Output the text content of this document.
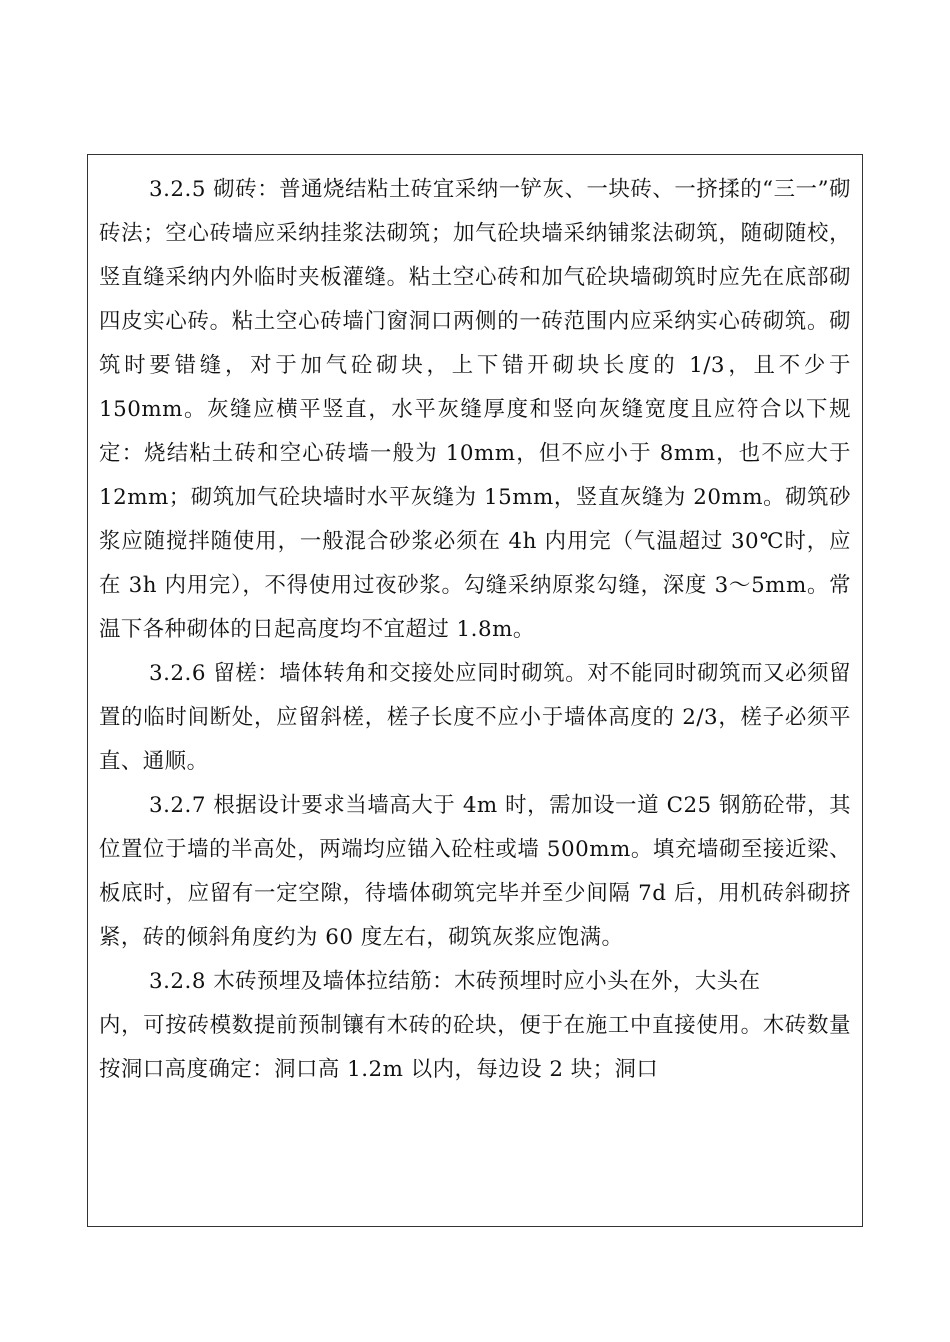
3.2.5 砌砖：普通烧结粘土砖宜采纳一铲灰、一块砖、一挤揉的“三一”砌砖法；空心砖墙应采纳挂浆法砌筑；加气砼块墙采纳铺浆法砌筑，随砌随校，竖直缝采纳内外临时夹板灌缝。粘土空心砖和加气砼块墙砌筑时应先在底部砌四皮实心砖。粘土空心砖墙门窗洞口两侧的一砖范围内应采纳实心砖砌筑。砌筑时要错缝，对于加气砼砌块，上下错开砌块长度的 1/3，且不少于 150mm。灰缝应横平竖直，水平灰缝厚度和竖向灰缝宽度且应符合以下规定：烧结粘土砖和空心砖墙一般为 10mm，但不应小于 8mm，也不应大于 12mm；砌筑加气砼块墙时水平灰缝为 15mm，竖直灰缝为 20mm。砌筑砂浆应随搅拌随使用，一般混合砂浆必须在 4h 内用完（气温超过 30℃时，应在 3h 内用完），不得使用过夜砂浆。勾缝采纳原浆勾缝，深度 3～5mm。常温下各种砌体的日起高度均不宜超过 1.8m。

3.2.6 留槎：墙体转角和交接处应同时砌筑。对不能同时砌筑而又必须留置的临时间断处，应留斜槎，槎子长度不应小于墙体高度的 2/3，槎子必须平直、通顺。

3.2.7 根据设计要求当墙高大于 4m 时，需加设一道 C25 钢筋砼带，其位置位于墙的半高处，两端均应锚入砼柱或墙 500mm。填充墙砌至接近梁、板底时，应留有一定空隙，待墙体砌筑完毕并至少间隔 7d 后，用机砖斜砌挤紧，砖的倾斜角度约为 60 度左右，砌筑灰浆应饱满。

3.2.8 木砖预埋及墙体拉结筋：木砖预埋时应小头在外，大头在

内，可按砖模数提前预制镶有木砖的砼块，便于在施工中直接使用。木砖数量按洞口高度确定：洞口高 1.2m 以内，每边设 2 块；洞口
